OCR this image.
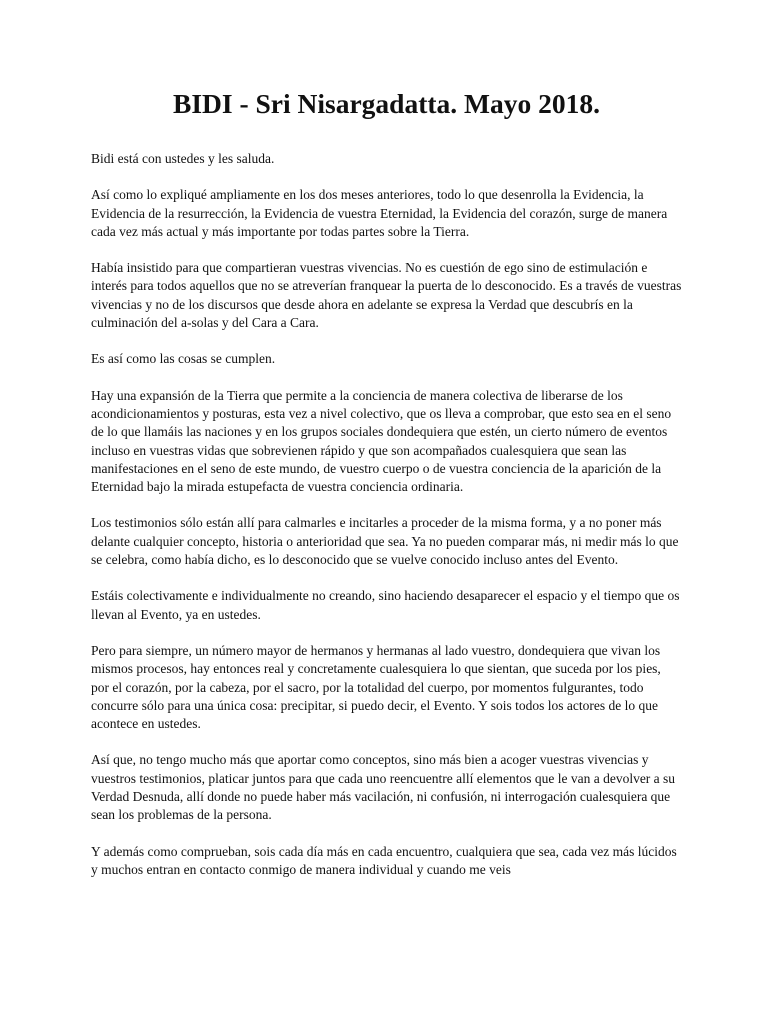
BIDI - Sri Nisargadatta. Mayo 2018.

Bidi está con ustedes y les saluda.

Así como lo expliqué ampliamente en los dos meses anteriores, todo lo que desenrolla la Evidencia, la Evidencia de la resurrección, la Evidencia de vuestra Eternidad, la Evidencia del corazón, surge de manera cada vez más actual y más importante por todas partes sobre la Tierra.

Había insistido para que compartieran vuestras vivencias. No es cuestión de ego sino de estimulación e interés para todos aquellos que no se atreverían franquear la puerta de lo desconocido. Es a través de vuestras vivencias y no de los discursos que desde ahora en adelante se expresa la Verdad que descubrís en la culminación del a-solas y del Cara a Cara.

Es así como las cosas se cumplen.

Hay una expansión de la Tierra que permite a la conciencia de manera colectiva de liberarse de los acondicionamientos y posturas, esta vez a nivel colectivo, que os lleva a comprobar, que esto sea en el seno de lo que llamáis las naciones y en los grupos sociales dondequiera que estén, un cierto número de eventos incluso en vuestras vidas que sobrevienen rápido y que son acompañados cualesquiera que sean las manifestaciones en el seno de este mundo, de vuestro cuerpo o de vuestra conciencia de la aparición de la Eternidad bajo la mirada estupefacta de vuestra conciencia ordinaria.

Los testimonios sólo están allí para calmarles e incitarles a proceder de la misma forma, y a no poner más delante cualquier concepto, historia o anterioridad que sea. Ya no pueden comparar más, ni medir más lo que se celebra, como había dicho, es lo desconocido que se vuelve conocido incluso antes del Evento.

Estáis colectivamente e individualmente no creando, sino haciendo desaparecer el espacio y el tiempo que os llevan al Evento, ya en ustedes.

Pero para siempre, un número mayor de hermanos y hermanas al lado vuestro, dondequiera que vivan los mismos procesos, hay entonces real y concretamente cualesquiera lo que sientan, que suceda por los pies, por el corazón, por la cabeza, por el sacro, por la totalidad del cuerpo, por momentos fulgurantes, todo concurre sólo para una única cosa: precipitar, si puedo decir, el Evento. Y sois todos los actores de lo que acontece en ustedes.

Así que, no tengo mucho más que aportar como conceptos, sino más bien a acoger vuestras vivencias y vuestros testimonios, platicar juntos para que cada uno reencuentre allí elementos que le van a devolver a su Verdad Desnuda, allí donde no puede haber más vacilación, ni confusión, ni interrogación cualesquiera que sean los problemas de la persona.

Y además como comprueban, sois cada día más en cada encuentro, cualquiera que sea, cada vez más lúcidos y muchos entran en contacto conmigo de manera individual y cuando me veis
